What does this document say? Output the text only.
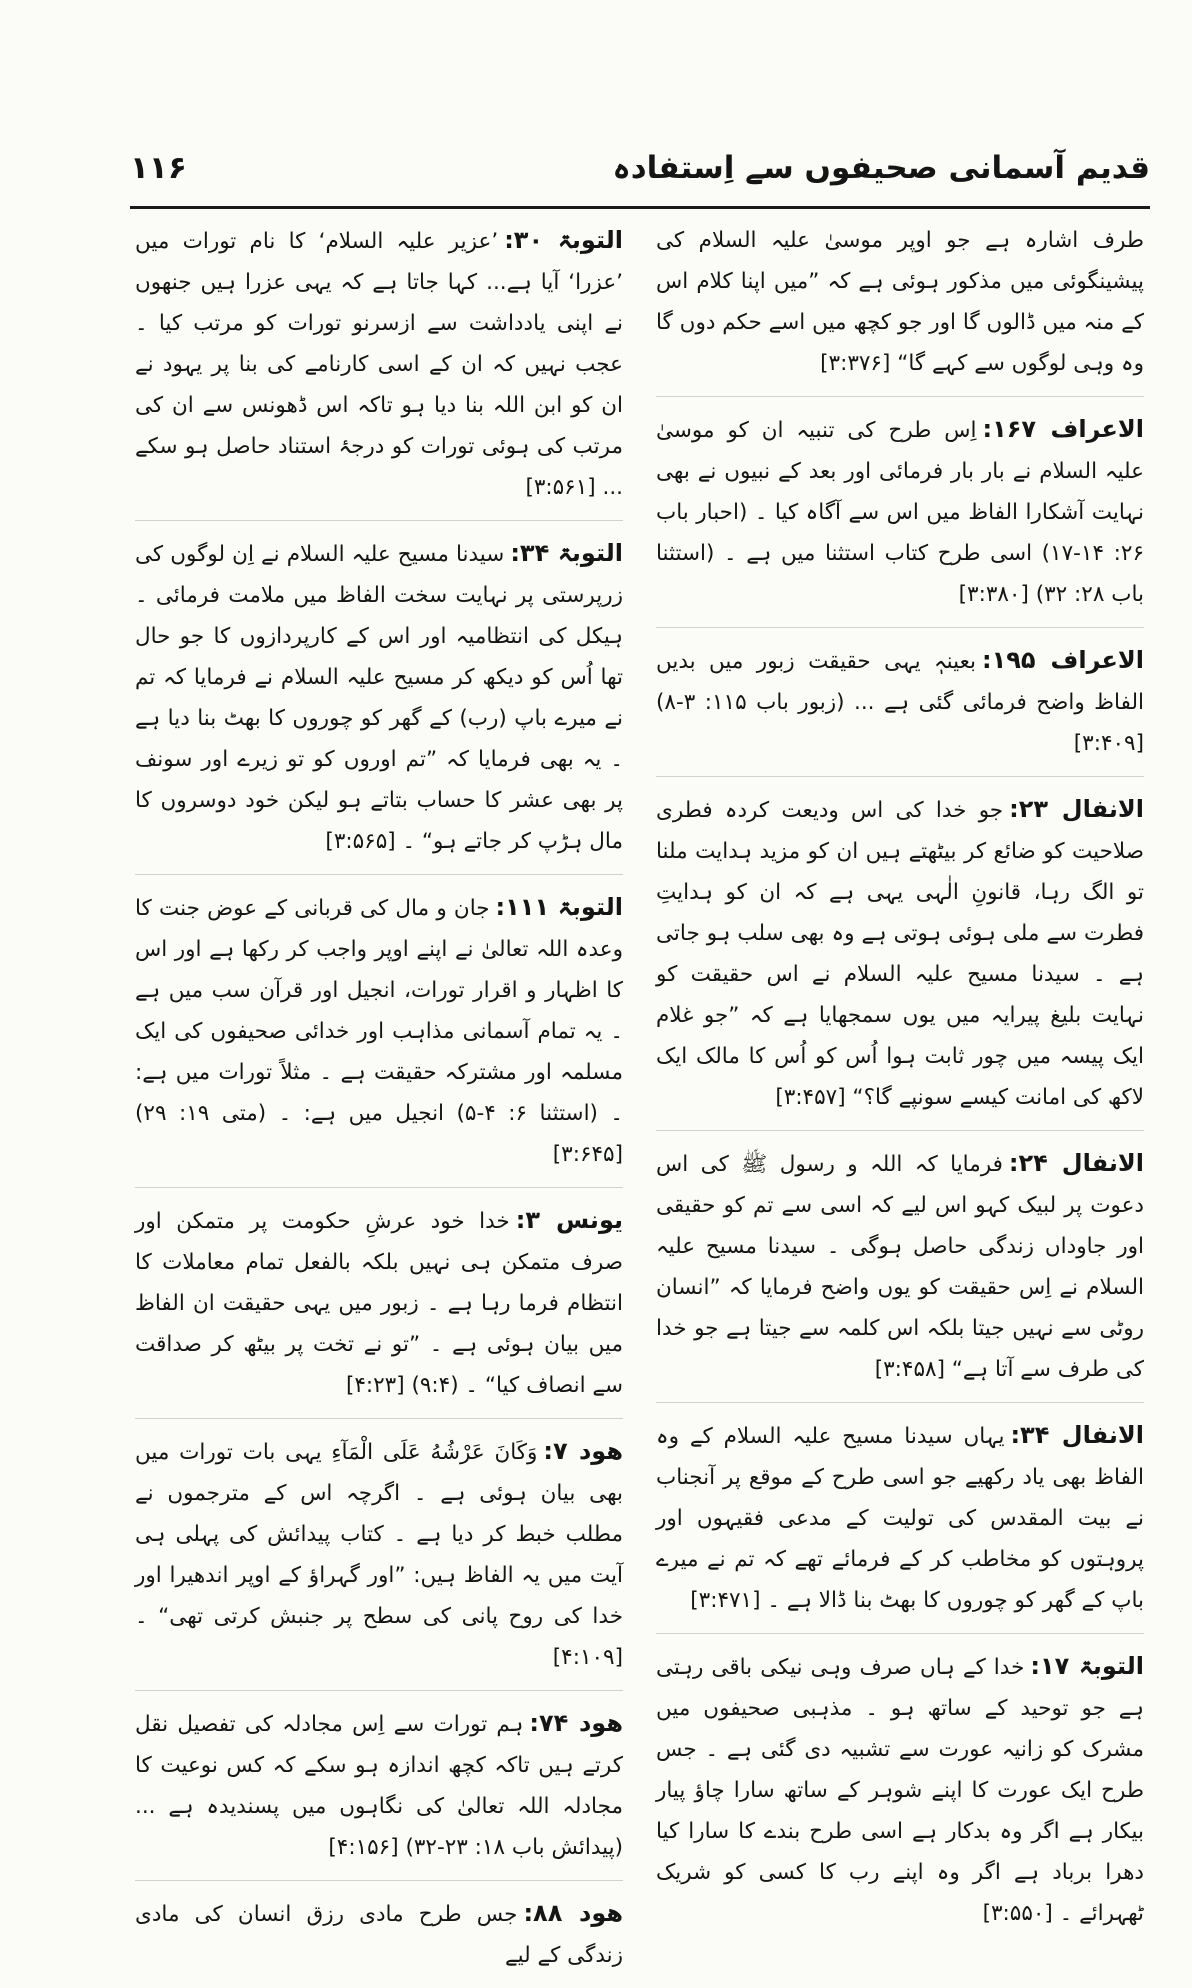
قدیم آسمانی صحیفوں سے اِستفادہ
۱۱۶

طرف اشارہ ہے جو اوپر موسیٰ علیہ السلام کی پیشینگوئی میں مذکور ہوئی ہے کہ ”میں اپنا کلام اس کے منہ میں ڈالوں گا اور جو کچھ میں اسے حکم دوں گا وہ وہی لوگوں سے کہے گا“ [۳:۳۷۶]

الاعراف ۱۶۷:اِس طرح کی تنبیہ ان کو موسیٰ علیہ السلام نے بار بار فرمائی اور بعد کے نبیوں نے بھی نہایت آشکارا الفاظ میں اس سے آگاہ کیا ۔ (احبار باب ۲۶: ۱۴-۱۷) اسی طرح کتاب استثنا میں ہے ۔ (استثنا باب ۲۸: ۳۲) [۳:۳۸۰]

الاعراف ۱۹۵:بعینہٖ یہی حقیقت زبور میں بدیں الفاظ واضح فرمائی گئی ہے ... (زبور باب ۱۱۵: ۳-۸) [۳:۴۰۹]

الانفال ۲۳:جو خدا کی اس ودیعت کردہ فطری صلاحیت کو ضائع کر بیٹھتے ہیں ان کو مزید ہدایت ملنا تو الگ رہا، قانونِ الٰہی یہی ہے کہ ان کو ہدایتِ فطرت سے ملی ہوئی ہوتی ہے وہ بھی سلب ہو جاتی ہے ۔ سیدنا مسیح علیہ السلام نے اس حقیقت کو نہایت بلیغ پیرایہ میں یوں سمجھایا ہے کہ ”جو غلام ایک پیسہ میں چور ثابت ہوا اُس کو اُس کا مالک ایک لاکھ کی امانت کیسے سونپے گا؟“ [۳:۴۵۷]

الانفال ۲۴:فرمایا کہ اللہ و رسول ﷺ کی اس دعوت پر لبیک کہو اس لیے کہ اسی سے تم کو حقیقی اور جاوداں زندگی حاصل ہوگی ۔ سیدنا مسیح علیہ السلام نے اِس حقیقت کو یوں واضح فرمایا کہ ”انسان روٹی سے نہیں جیتا بلکہ اس کلمہ سے جیتا ہے جو خدا کی طرف سے آتا ہے“ [۳:۴۵۸]

الانفال ۳۴:یہاں سیدنا مسیح علیہ السلام کے وہ الفاظ بھی یاد رکھیے جو اسی طرح کے موقع پر آنجناب نے بیت المقدس کی تولیت کے مدعی فقیہوں اور پروہتوں کو مخاطب کر کے فرمائے تھے کہ تم نے میرے باپ کے گھر کو چوروں کا بھٹ بنا ڈالا ہے ۔ [۳:۴۷۱]

التوبۃ ۱۷:خدا کے ہاں صرف وہی نیکی باقی رہتی ہے جو توحید کے ساتھ ہو ۔ مذہبی صحیفوں میں مشرک کو زانیہ عورت سے تشبیہ دی گئی ہے ۔ جس طرح ایک عورت کا اپنے شوہر کے ساتھ سارا چاؤ پیار بیکار ہے اگر وہ بدکار ہے اسی طرح بندے کا سارا کیا دھرا برباد ہے اگر وہ اپنے رب کا کسی کو شریک ٹھہرائے ۔ [۳:۵۵۰]

التوبۃ ۳۰:’عزیر علیہ السلام‘ کا نام تورات میں ’عزرا‘ آیا ہے... کہا جاتا ہے کہ یہی عزرا ہیں جنھوں نے اپنی یادداشت سے ازسرنو تورات کو مرتب کیا ۔ عجب نہیں کہ ان کے اسی کارنامے کی بنا پر یہود نے ان کو ابن اللہ بنا دیا ہو تاکہ اس ڈھونس سے ان کی مرتب کی ہوئی تورات کو درجۂ استناد حاصل ہو سکے ... [۳:۵۶۱]

التوبۃ ۳۴:سیدنا مسیح علیہ السلام نے اِن لوگوں کی زرپرستی پر نہایت سخت الفاظ میں ملامت فرمائی ۔ ہیکل کی انتظامیہ اور اس کے کارپردازوں کا جو حال تھا اُس کو دیکھ کر مسیح علیہ السلام نے فرمایا کہ تم نے میرے باپ (رب) کے گھر کو چوروں کا بھٹ بنا دیا ہے ۔ یہ بھی فرمایا کہ ”تم اوروں کو تو زیرے اور سونف پر بھی عشر کا حساب بتاتے ہو لیکن خود دوسروں کا مال ہڑپ کر جاتے ہو“ ۔ [۳:۵۶۵]

التوبۃ ۱۱۱:جان و مال کی قربانی کے عوض جنت کا وعدہ اللہ تعالیٰ نے اپنے اوپر واجب کر رکھا ہے اور اس کا اظہار و اقرار تورات، انجیل اور قرآن سب میں ہے ۔ یہ تمام آسمانی مذاہب اور خدائی صحیفوں کی ایک مسلمہ اور مشترکہ حقیقت ہے ۔ مثلاً تورات میں ہے: ۔ (استثنا ۶: ۴-۵) انجیل میں ہے: ۔ (متی ۱۹: ۲۹) [۳:۶۴۵]

یونس ۳:خدا خود عرشِ حکومت پر متمکن اور صرف متمکن ہی نہیں بلکہ بالفعل تمام معاملات کا انتظام فرما رہا ہے ۔ زبور میں یہی حقیقت ان الفاظ میں بیان ہوئی ہے ۔ ”تو نے تخت پر بیٹھ کر صداقت سے انصاف کیا“ ۔ (۹:۴) [۴:۲۳]

ھود ۷:وَكَانَ عَرْشُهُ عَلَى الْمَآءِ یہی بات تورات میں بھی بیان ہوئی ہے ۔ اگرچہ اس کے مترجموں نے مطلب خبط کر دیا ہے ۔ کتاب پیدائش کی پہلی ہی آیت میں یہ الفاظ ہیں: ”اور گہراؤ کے اوپر اندھیرا اور خدا کی روح پانی کی سطح پر جنبش کرتی تھی“ ۔ [۴:۱۰۹]

ھود ۷۴:ہم تورات سے اِس مجادلہ کی تفصیل نقل کرتے ہیں تاکہ کچھ اندازہ ہو سکے کہ کس نوعیت کا مجادلہ اللہ تعالیٰ کی نگاہوں میں پسندیدہ ہے ... (پیدائش باب ۱۸: ۲۳-۳۲) [۴:۱۵۶]

ھود ۸۸:جس طرح مادی رزق انسان کی مادی زندگی کے لیے
